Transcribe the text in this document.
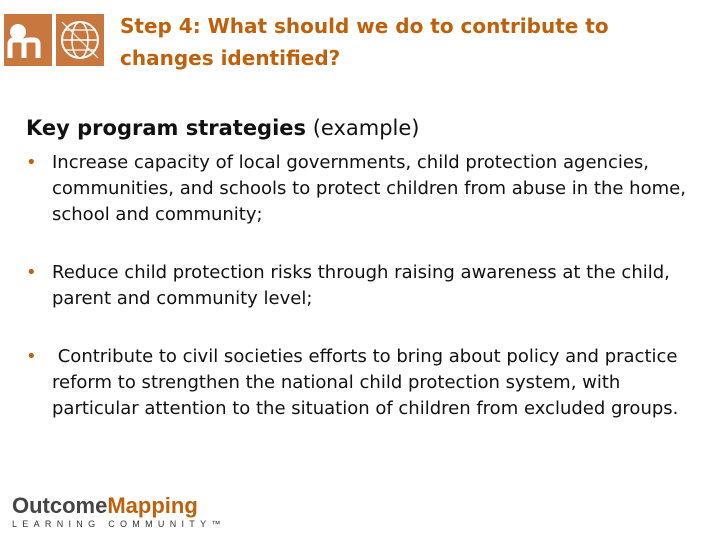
Step 4: What should we do to contribute to changes identified?
Key program strategies (example)
• Increase capacity of local governments, child protection agencies, communities, and schools to protect children from abuse in the home, school and community;
• Reduce child protection risks through raising awareness at the child, parent and community level;
• Contribute to civil societies efforts to bring about policy and practice reform to strengthen the national child protection system, with particular attention to the situation of children from excluded groups.
OutcomeMapping
LEARNING COMMUNITY™
